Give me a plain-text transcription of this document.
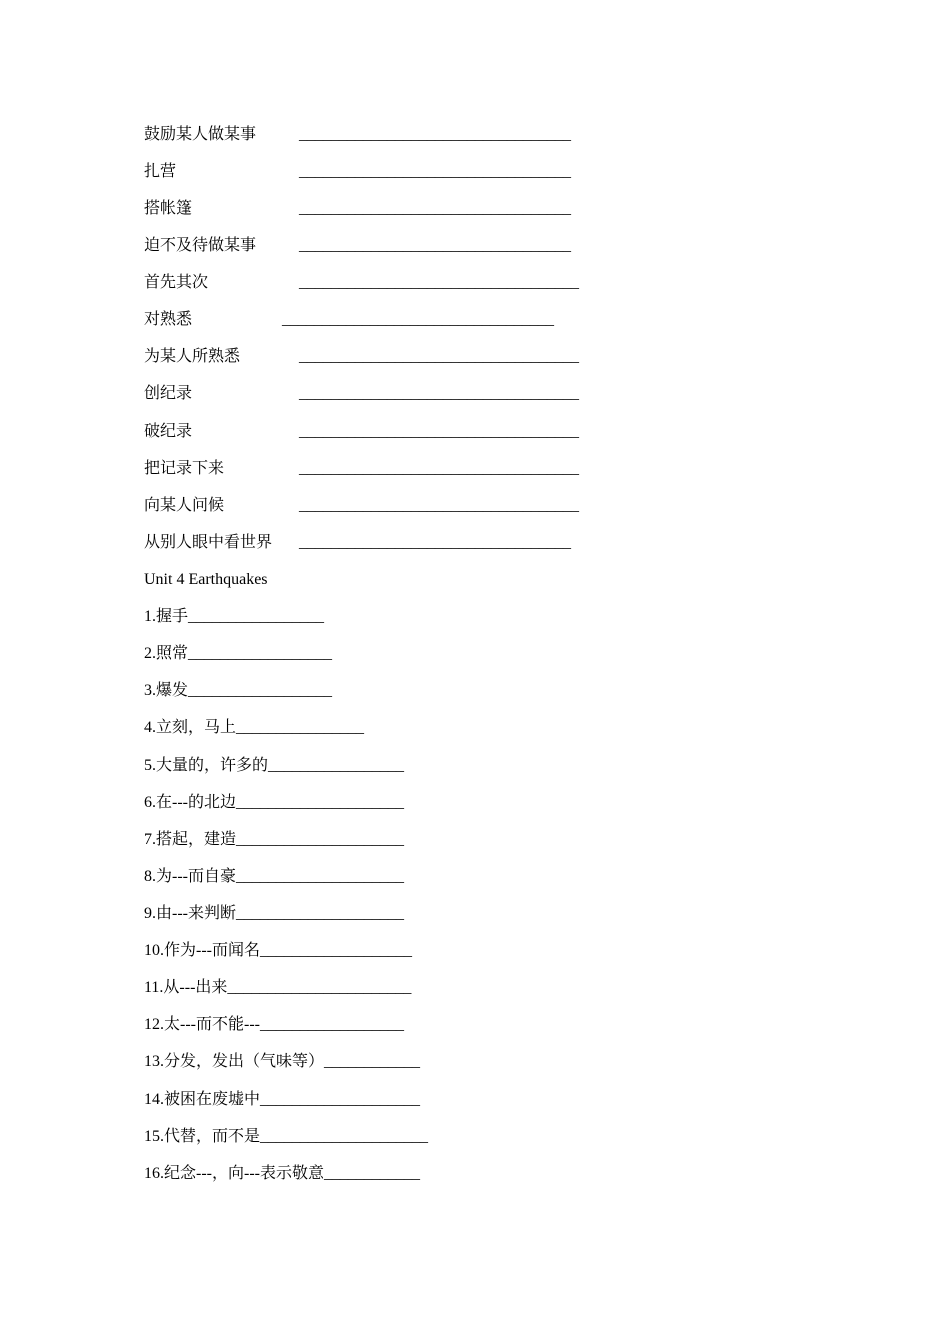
鼓励某人做某事	__________________________________
扎营	__________________________________
搭帐篷	__________________________________
迫不及待做某事	__________________________________
首先其次	___________________________________
对熟悉	__________________________________
为某人所熟悉	___________________________________
创纪录	___________________________________
破纪录	___________________________________
把记录下来	___________________________________
向某人问候	___________________________________
从别人眼中看世界 __________________________________
Unit 4 Earthquakes
1.握手_________________
2.照常__________________
3.爆发__________________
4.立刻，马上________________
5.大量的，许多的_________________
6.在---的北边_____________________
7.搭起，建造_____________________
8.为---而自豪_____________________
9.由---来判断_____________________
10.作为---而闻名___________________
11.从---出来_______________________
12.太---而不能---__________________
13.分发，发出（气味等）____________
14.被困在废墟中____________________
15.代替，而不是_____________________
16.纪念---，向---表示敬意____________
